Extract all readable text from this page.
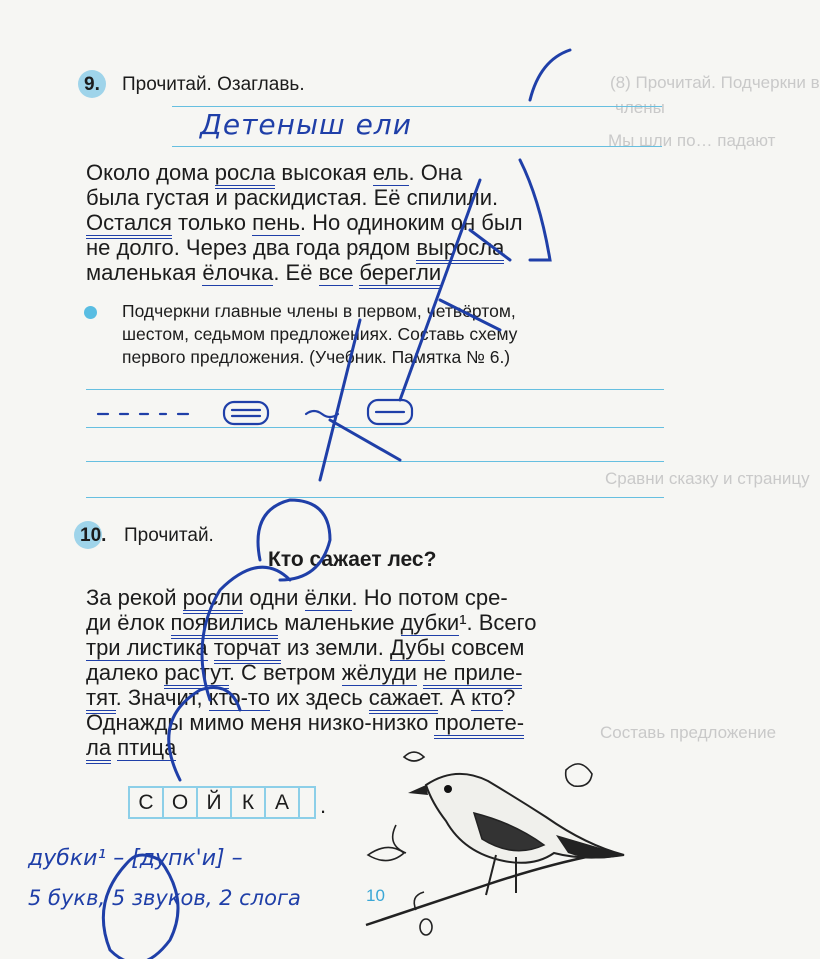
(8) Прочитай. Подчеркни в
члены
Мы шли по… падают
Сравни сказку и страницу
Составь предложение
9. Прочитай. Озаглавь.
Детеныш ели

Около дома росла высокая ель. Она

была густая и раскидистая. Её спилили.

Остался только пень. Но одиноким он был

не долго. Через два года рядом выросла

маленькая ёлочка. Её все берегли.

Подчеркни главные члены в первом, четвёртом,
шестом, седьмом предложениях. Составь схему
первого предложения. (Учебник. Памятка № 6.)
10. Прочитай.
Кто сажает лес?

За рекой росли одни ёлки. Но потом сре-

ди ёлок появились маленькие дубки¹. Всего

три листика торчат из земли. Дубы совсем

далеко растут. С ветром жёлуди не прилe-

тят. Значит, кто-то их здесь сажает. А кто?

Однажды мимо меня низко-низко пролете-

ла птица

С О Й К А	.
10
дубки¹ – [дупк'и] –
5 букв, 5 звуков, 2 слога
